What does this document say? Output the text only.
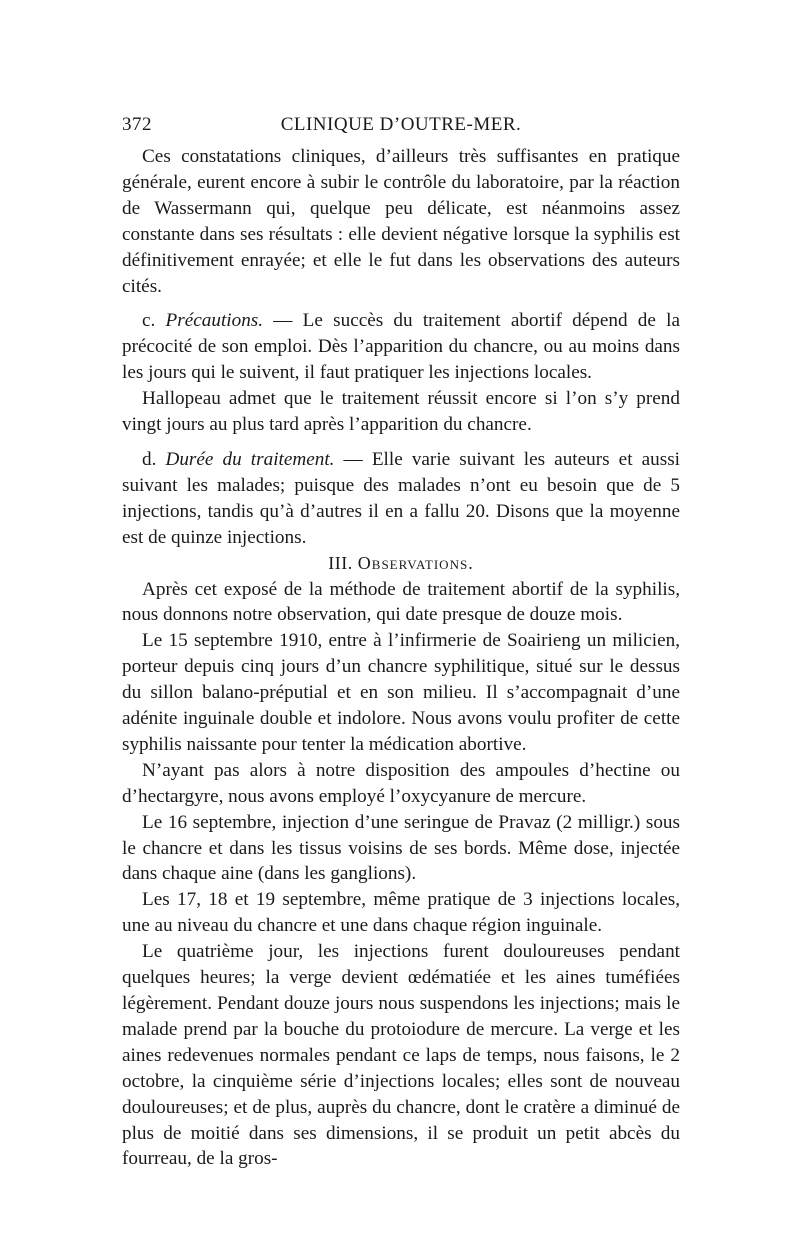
372	CLINIQUE D’OUTRE-MER.

Ces constatations cliniques, d’ailleurs très suffisantes en pratique générale, eurent encore à subir le contrôle du laboratoire, par la réaction de Wassermann qui, quelque peu délicate, est néanmoins assez constante dans ses résultats : elle devient négative lorsque la syphilis est définitivement enrayée; et elle le fut dans les observations des auteurs cités.

c. Précautions. — Le succès du traitement abortif dépend de la précocité de son emploi. Dès l’apparition du chancre, ou au moins dans les jours qui le suivent, il faut pratiquer les injections locales.

Hallopeau admet que le traitement réussit encore si l’on s’y prend vingt jours au plus tard après l’apparition du chancre.

d. Durée du traitement. — Elle varie suivant les auteurs et aussi suivant les malades; puisque des malades n’ont eu besoin que de 5 injections, tandis qu’à d’autres il en a fallu 20. Disons que la moyenne est de quinze injections.

III. Observations.

Après cet exposé de la méthode de traitement abortif de la syphilis, nous donnons notre observation, qui date presque de douze mois.

Le 15 septembre 1910, entre à l’infirmerie de Soairieng un milicien, porteur depuis cinq jours d’un chancre syphilitique, situé sur le dessus du sillon balano-préputial et en son milieu. Il s’accompagnait d’une adénite inguinale double et indolore. Nous avons voulu profiter de cette syphilis naissante pour tenter la médication abortive.

N’ayant pas alors à notre disposition des ampoules d’hectine ou d’hectargyre, nous avons employé l’oxycyanure de mercure.

Le 16 septembre, injection d’une seringue de Pravaz (2 milligr.) sous le chancre et dans les tissus voisins de ses bords. Même dose, injectée dans chaque aine (dans les ganglions).

Les 17, 18 et 19 septembre, même pratique de 3 injections locales, une au niveau du chancre et une dans chaque région inguinale.

Le quatrième jour, les injections furent douloureuses pendant quelques heures; la verge devient œdématiée et les aines tuméfiées légèrement. Pendant douze jours nous suspendons les injections; mais le malade prend par la bouche du protoiodure de mercure. La verge et les aines redevenues normales pendant ce laps de temps, nous faisons, le 2 octobre, la cinquième série d’injections locales; elles sont de nouveau douloureuses; et de plus, auprès du chancre, dont le cratère a diminué de plus de moitié dans ses dimensions, il se produit un petit abcès du fourreau, de la gros-
